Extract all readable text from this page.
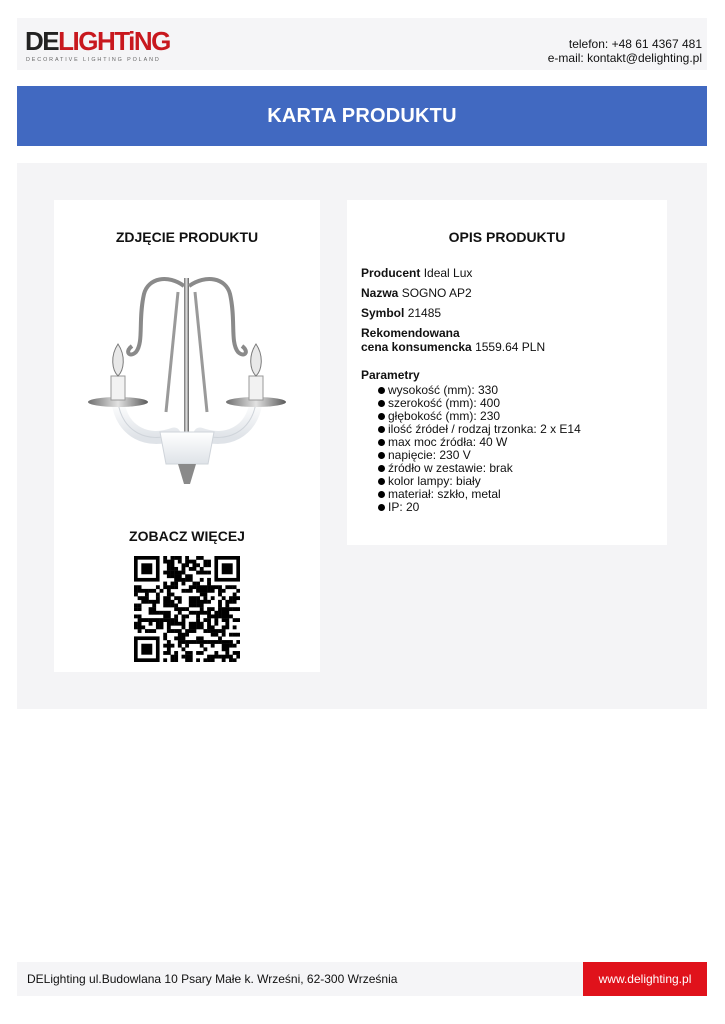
DELIGHTiNG
DECORATIVE LIGHTING POLAND
telefon: +48 61 4367 481
e-mail: kontakt@delighting.pl
KARTA PRODUKTU
ZDJĘCIE PRODUKTU
ZOBACZ WIĘCEJ
OPIS PRODUKTU
Producent Ideal Lux
Nazwa SOGNO AP2
Symbol 21485
Rekomendowana
cena konsumencka 1559.64 PLN
Parametry
wysokość (mm): 330
szerokość (mm): 400
głębokość (mm): 230
ilość źródeł / rodzaj trzonka: 2 x E14
max moc źródła: 40 W
napięcie: 230 V
źródło w zestawie: brak
kolor lampy: biały
materiał: szkło, metal
IP: 20
DELighting ul.Budowlana 10 Psary Małe k. Wrześni, 62-300 Września	www.delighting.pl
